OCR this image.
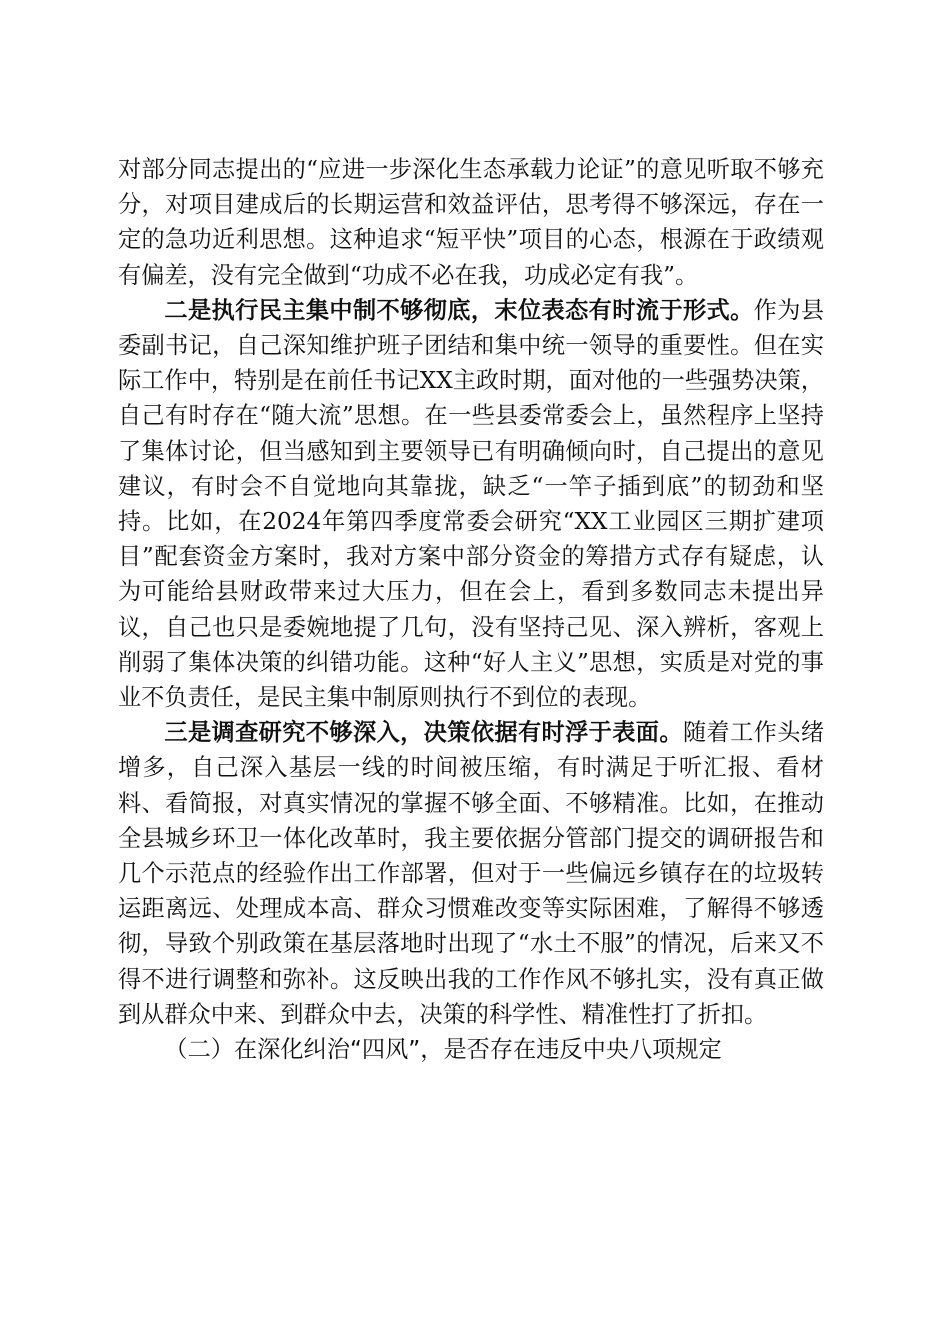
对部分同志提出的“应进一步深化生态承载力论证”的意见听取不够充分，对项目建成后的长期运营和效益评估，思考得不够深远，存在一定的急功近利思想。这种追求“短平快”项目的心态，根源在于政绩观有偏差，没有完全做到“功成不必在我，功成必定有我”。

二是执行民主集中制不够彻底，末位表态有时流于形式。作为县委副书记，自己深知维护班子团结和集中统一领导的重要性。但在实际工作中，特别是在前任书记XX主政时期，面对他的一些强势决策，自己有时存在“随大流”思想。在一些县委常委会上，虽然程序上坚持了集体讨论，但当感知到主要领导已有明确倾向时，自己提出的意见建议，有时会不自觉地向其靠拢，缺乏“一竿子插到底”的韧劲和坚持。比如，在2024年第四季度常委会研究“XX工业园区三期扩建项目”配套资金方案时，我对方案中部分资金的筹措方式存有疑虑，认为可能给县财政带来过大压力，但在会上，看到多数同志未提出异议，自己也只是委婉地提了几句，没有坚持己见、深入辨析，客观上削弱了集体决策的纠错功能。这种“好人主义”思想，实质是对党的事业不负责任，是民主集中制原则执行不到位的表现。

三是调查研究不够深入，决策依据有时浮于表面。随着工作头绪增多，自己深入基层一线的时间被压缩，有时满足于听汇报、看材料、看简报，对真实情况的掌握不够全面、不够精准。比如，在推动全县城乡环卫一体化改革时，我主要依据分管部门提交的调研报告和几个示范点的经验作出工作部署，但对于一些偏远乡镇存在的垃圾转运距离远、处理成本高、群众习惯难改变等实际困难，了解得不够透彻，导致个别政策在基层落地时出现了“水土不服”的情况，后来又不得不进行调整和弥补。这反映出我的工作作风不够扎实，没有真正做到从群众中来、到群众中去，决策的科学性、精准性打了折扣。

（二）在深化纠治“四风”，是否存在违反中央八项规定
